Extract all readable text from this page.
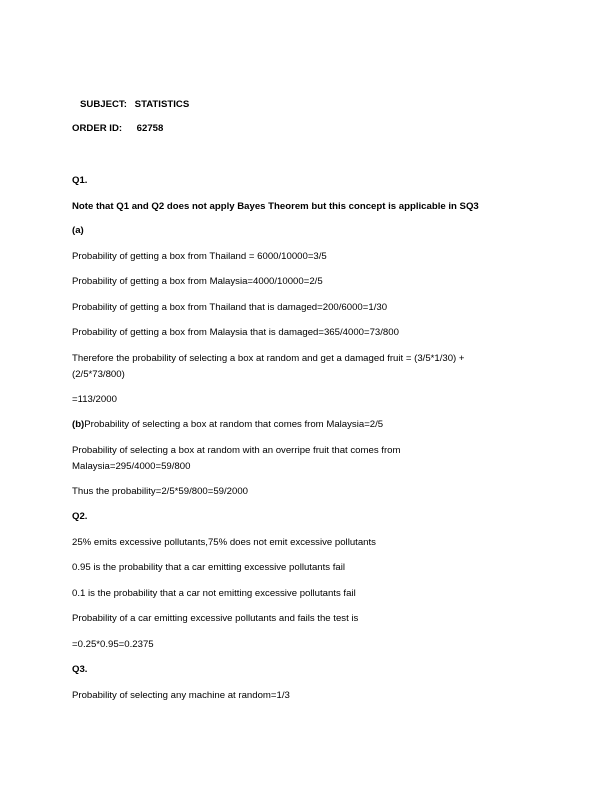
SUBJECT: STATISTICS
ORDER ID: 62758
Q1.
Note that Q1 and Q2 does not apply Bayes Theorem but this concept is applicable in SQ3
(a)
Probability of getting a box from Thailand = 6000/10000=3/5
Probability of getting a box from Malaysia=4000/10000=2/5
Probability of getting a box from Thailand that is damaged=200/6000=1/30
Probability of getting a box from Malaysia that is damaged=365/4000=73/800
Therefore the probability of selecting a box at random and get a damaged fruit = (3/5*1/30) + (2/5*73/800)
=113/2000
(b)Probability of selecting a box at random that comes from Malaysia=2/5
Probability of selecting a box at random with an overripe fruit that comes from Malaysia=295/4000=59/800
Thus the probability=2/5*59/800=59/2000
Q2.
25% emits excessive pollutants,75% does not emit excessive pollutants
0.95 is the probability that a car emitting excessive pollutants fail
0.1 is the probability that a car not emitting excessive pollutants fail
Probability of a car emitting excessive pollutants and fails the test is
=0.25*0.95=0.2375
Q3.
Probability of selecting any machine at random=1/3
